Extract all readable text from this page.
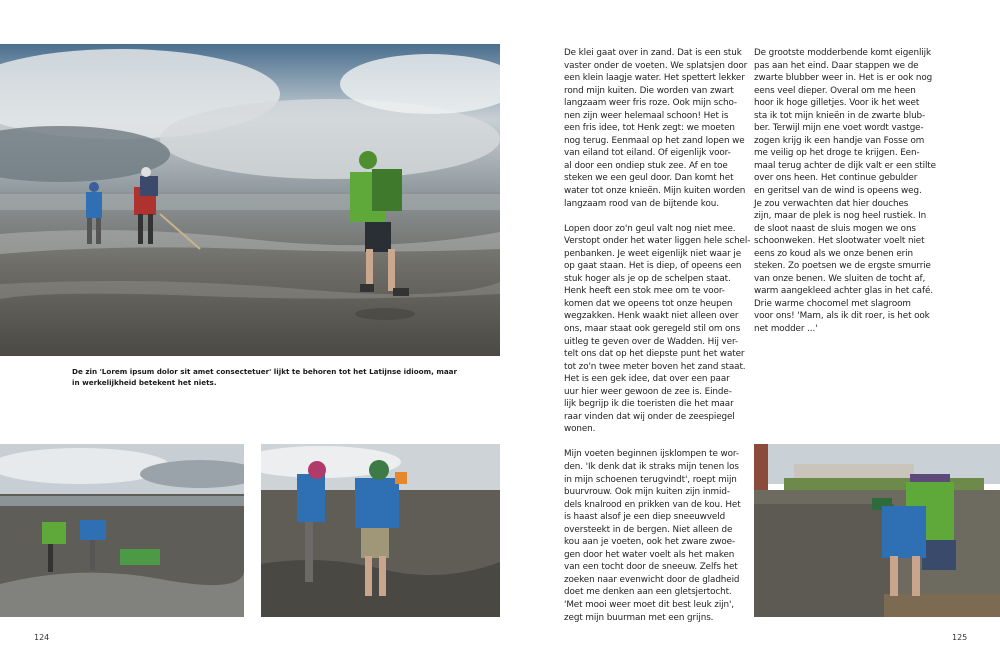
De zin 'Lorem ipsum dolor sit amet consectetuer' lijkt te behoren tot het Latijnse idioom, maar
in werkelijkheid betekent het niets.
124

De klei gaat over in zand. Dat is een stuk
vaster onder de voeten. We splatsjen door
een klein laagje water. Het spettert lekker
rond mijn kuiten. Die worden van zwart
langzaam weer fris roze. Ook mijn scho-
nen zijn weer helemaal schoon! Het is
een fris idee, tot Henk zegt: we moeten
nog terug. Eenmaal op het zand lopen we
van eiland tot eiland. Of eigenlijk voor-
al door een ondiep stuk zee. Af en toe
steken we een geul door. Dan komt het
water tot onze knieën. Mijn kuiten worden
langzaam rood van de bijtende kou.

Lopen door zo'n geul valt nog niet mee.
Verstopt onder het water liggen hele schel-
penbanken. Je weet eigenlijk niet waar je
op gaat staan. Het is diep, of opeens een
stuk hoger als je op de schelpen staat.
Henk heeft een stok mee om te voor-
komen dat we opeens tot onze heupen
wegzakken. Henk waakt niet alleen over
ons, maar staat ook geregeld stil om ons
uitleg te geven over de Wadden. Hij ver-
telt ons dat op het diepste punt het water
tot zo'n twee meter boven het zand staat.
Het is een gek idee, dat over een paar
uur hier weer gewoon de zee is. Einde-
lijk begrijp ik die toeristen die het maar
raar vinden dat wij onder de zeespiegel
wonen.

Mijn voeten beginnen ijsklompen te wor-
den. 'Ik denk dat ik straks mijn tenen los
in mijn schoenen terugvindt', roept mijn
buurvrouw. Ook mijn kuiten zijn inmid-
dels knalrood en prikken van de kou. Het
is haast alsof je een diep sneeuwveld
oversteekt in de bergen. Niet alleen de
kou aan je voeten, ook het zware zwoe-
gen door het water voelt als het maken
van een tocht door de sneeuw. Zelfs het
zoeken naar evenwicht door de gladheid
doet me denken aan een gletsjertocht.
'Met mooi weer moet dit best leuk zijn',
zegt mijn buurman met een grijns.

De grootste modderbende komt eigenlijk
pas aan het eind. Daar stappen we de
zwarte blubber weer in. Het is er ook nog
eens veel dieper. Overal om me heen
hoor ik hoge gilletjes. Voor ik het weet
sta ik tot mijn knieën in de zwarte blub-
ber. Terwijl mijn ene voet wordt vastge-
zogen krijg ik een handje van Fosse om
me veilig op het droge te krijgen. Een-
maal terug achter de dijk valt er een stilte
over ons heen. Het continue gebulder
en geritsel van de wind is opeens weg.
Je zou verwachten dat hier douches
zijn, maar de plek is nog heel rustiek. In
de sloot naast de sluis mogen we ons
schoonweken. Het slootwater voelt niet
eens zo koud als we onze benen erin
steken. Zo poetsen we de ergste smurrie
van onze benen. We sluiten de tocht af,
warm aangekleed achter glas in het café.
Drie warme chocomel met slagroom
voor ons! 'Mam, als ik dit roer, is het ook
net modder ...'

125
